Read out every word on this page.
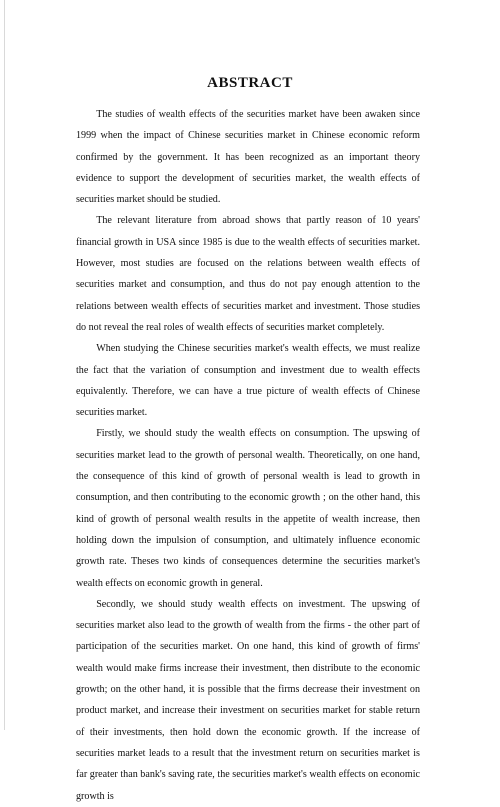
ABSTRACT

The studies of wealth effects of the securities market have been awaken since 1999 when the impact of Chinese securities market in Chinese economic reform confirmed by the government. It has been recognized as an important theory evidence to support the development of securities market, the wealth effects of securities market should be studied.

The relevant literature from abroad shows that partly reason of 10 years' financial growth in USA since 1985 is due to the wealth effects of securities market. However, most studies are focused on the relations between wealth effects of securities market and consumption, and thus do not pay enough attention to the relations between wealth effects of securities market and investment. Those studies do not reveal the real roles of wealth effects of securities market completely.

When studying the Chinese securities market's wealth effects, we must realize the fact that the variation of consumption and investment due to wealth effects equivalently. Therefore, we can have a true picture of wealth effects of Chinese securities market.

Firstly, we should study the wealth effects on consumption. The upswing of securities market lead to the growth of personal wealth. Theoretically, on one hand, the consequence of this kind of growth of personal wealth is lead to growth in consumption, and then contributing to the economic growth ; on the other hand, this kind of growth of personal wealth results in the appetite of wealth increase, then holding down the impulsion of consumption, and ultimately influence economic growth rate. Theses two kinds of consequences determine the securities market's wealth effects on economic growth in general.

Secondly, we should study wealth effects on investment. The upswing of securities market also lead to the growth of wealth from the firms - the other part of participation of the securities market. On one hand, this kind of growth of firms' wealth would make firms increase their investment, then distribute to the economic growth; on the other hand, it is possible that the firms decrease their investment on product market, and increase their investment on securities market for stable return of their investments, then hold down the economic growth. If the increase of securities market leads to a result that the investment return on securities market is far greater than bank's saving rate, the securities market's wealth effects on economic growth is
